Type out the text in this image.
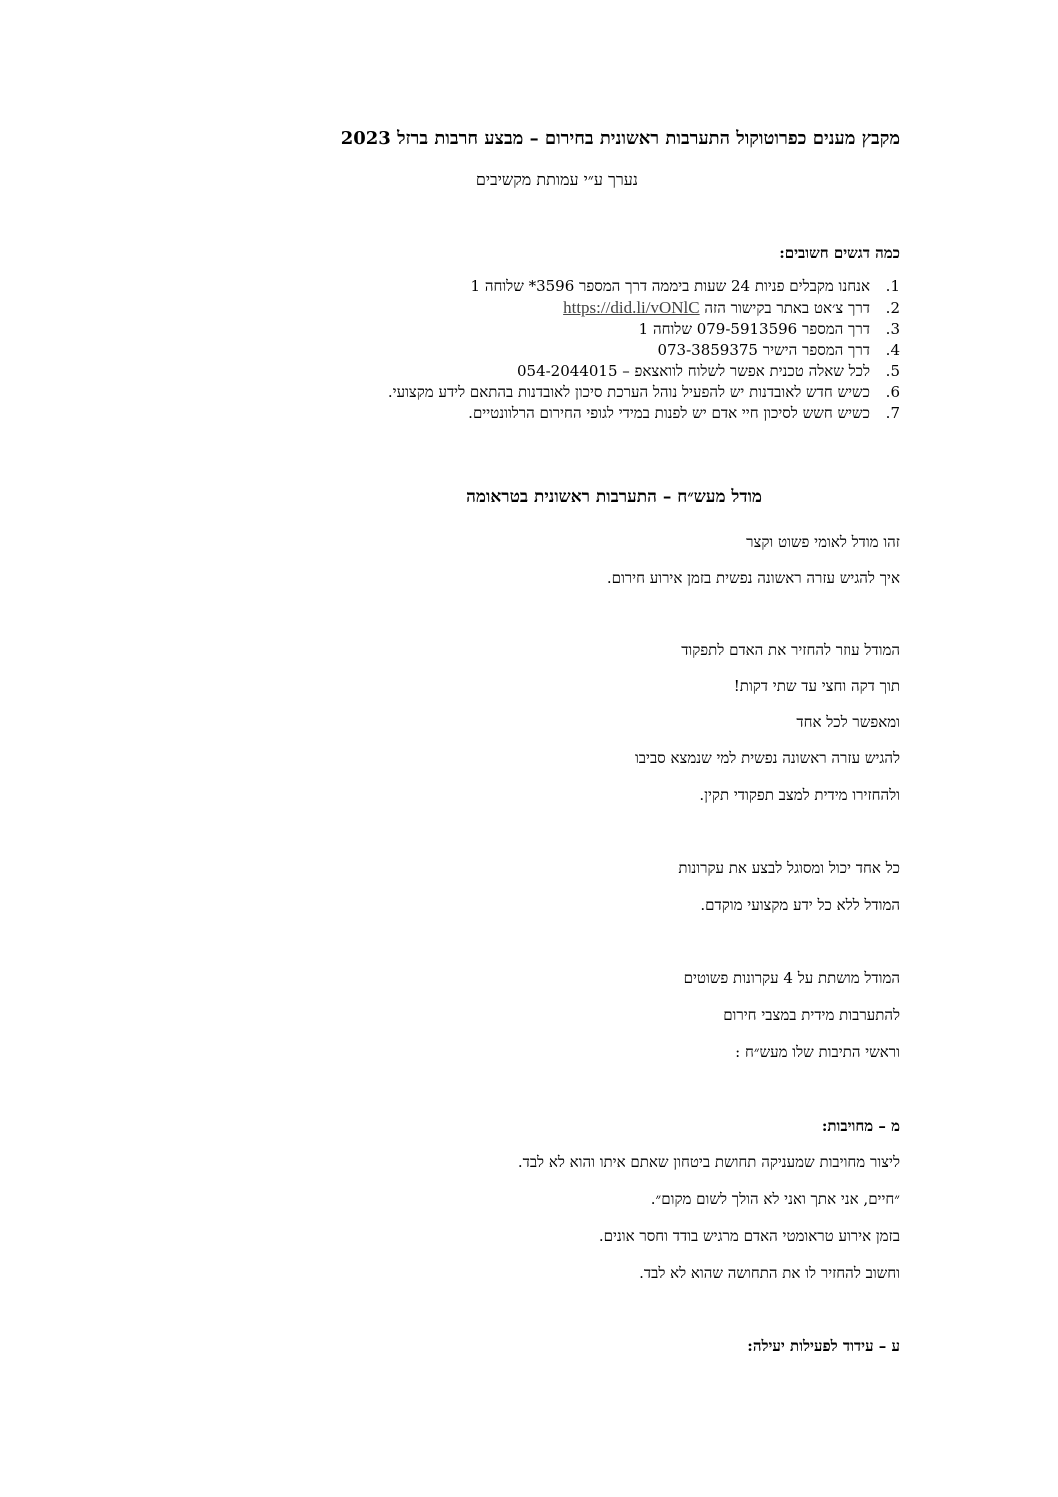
מקבץ מענים כפרוטוקול התערבות ראשונית בחירום – מבצע חרבות ברזל 2023
נערך ע״י עמותת מקשיבים
כמה דגשים חשובים:
1.אנחנו מקבלים פניות 24 שעות ביממה דרך המספר 3596* שלוחה 1
2.דרך צ׳אט באתר בקישור הזה https://did.li/vONlC
3.דרך המספר 079-5913596 שלוחה 1
4.דרך המספר הישיר 073-3859375
5.לכל שאלה טכנית אפשר לשלוח לוואצאפ – 054-2044015
6.כשיש חדש לאובדנות יש להפעיל נוהל הערכת סיכון לאובדנות בהתאם לידע מקצועי.
7.כשיש חשש לסיכון חיי אדם יש לפנות במידי לגופי החירום הרלוונטיים.
מודל מעש״ח – התערבות ראשונית בטראומה
זהו מודל לאומי פשוט וקצר
איך להגיש עזרה ראשונה נפשית בזמן אירוע חירום.
המודל עוזר להחזיר את האדם לתפקוד
תוך דקה וחצי עד שתי דקות!
ומאפשר לכל אחד
להגיש עזרה ראשונה נפשית למי שנמצא סביבו
ולהחזירו מידית למצב תפקודי תקין.
כל אחד יכול ומסוגל לבצע את עקרונות
המודל ללא כל ידע מקצועי מוקדם.
המודל מושתת על 4 עקרונות פשוטים
להתערבות מידית במצבי חירום
וראשי התיבות שלו מעש״ח :
מ – מחויבות:
ליצור מחויבות שמעניקה תחושת ביטחון שאתם איתו והוא לא לבד.
״חיים, אני אתך ואני לא הולך לשום מקום״.
בזמן אירוע טראומטי האדם מרגיש בודד וחסר אונים.
וחשוב להחזיר לו את התחושה שהוא לא לבד.
ע – עידוד לפעילות יעילה:
